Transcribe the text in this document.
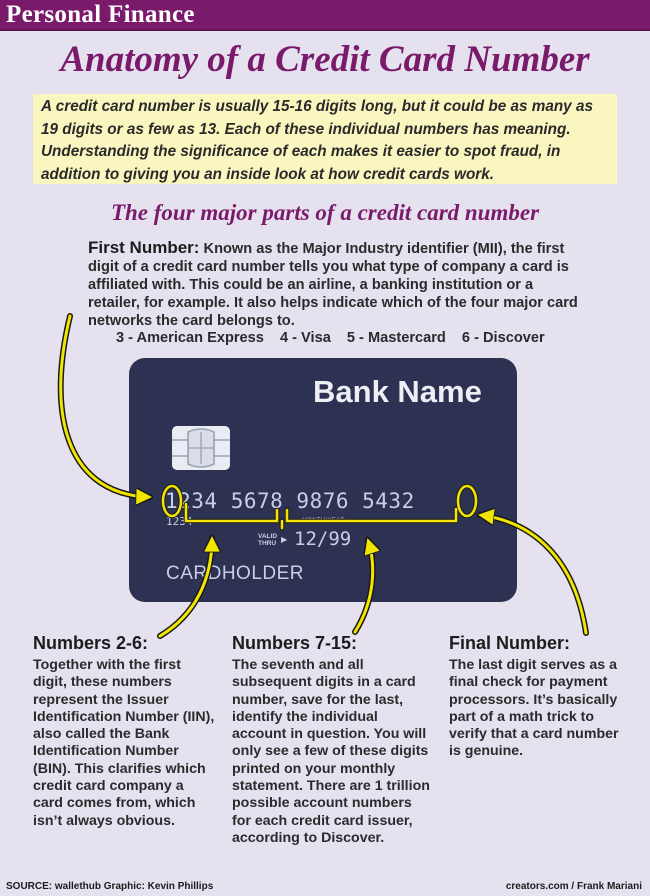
Personal Finance
Anatomy of a Credit Card Number

A credit card number is usually 15-16 digits long, but it could be as many as 19 digits or as few as 13. Each of these individual numbers has meaning. Understanding the significance of each makes it easier to spot fraud, in addition to giving you an inside look at how credit cards work.

The four major parts of a credit card number
First Number: Known as the Major Industry identifier (MII), the first digit of a credit card number tells you what type of company a card is affiliated with. This could be an airline, a banking institution or a retailer, for example. It also helps indicate which of the four major card networks the card belongs to.
3 - American Express 4 - Visa 5 - Mastercard 6 - Discover
Bank Name
1234 5678 9876 5432
1234	MONTH/YEAR
VALID
THRU ▶ 12/99
CARDHOLDER
Numbers 2-6:
Together with the first digit, these numbers represent the Issuer Identification Number (IIN), also called the Bank Identification Number (BIN). This clarifies which credit card company a card comes from, which isn’t always obvious.
Numbers 7-15:
The seventh and all subsequent digits in a card number, save for the last, identify the individual account in question. You will only see a few of these digits printed on your monthly statement. There are 1 trillion possible account numbers for each credit card issuer, according to Discover.
Final Number:
The last digit serves as a final check for payment processors. It’s basically part of a math trick to verify that a card number is genuine.
SOURCE: wallethub Graphic: Kevin Phillips	creators.com / Frank Mariani
